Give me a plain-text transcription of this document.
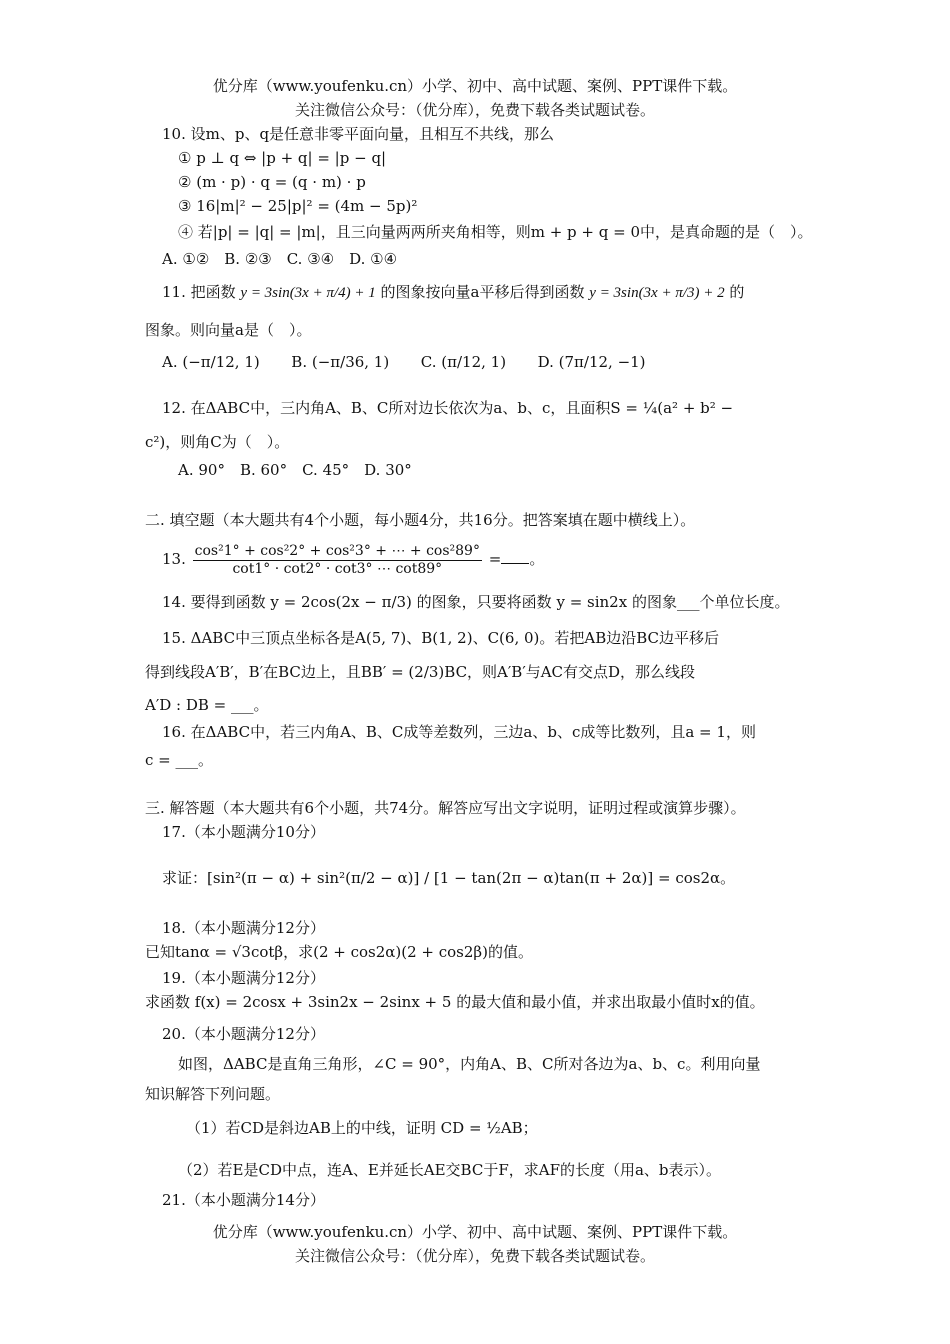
优分库（www.youfenku.cn）小学、初中、高中试题、案例、PPT课件下载。
关注微信公众号：（优分库），免费下载各类试题试卷。
10. 设m、p、q是任意非零平面向量，且相互不共线，那么
① p ⊥ q ⇔ |p + q| = |p − q|
② (m · p) · q = (q · m) · p
③ 16|m|² − 25|p|² = (4m − 5p)²
④ 若|p| = |q| = |m|，且三向量两两所夹角相等，则m + p + q = 0中，是真命题的是（　）。
A. ①②　B. ②③　C. ③④　D. ①④
11. 把函数 y = 3sin(3x + π/4) + 1 的图象按向量a平移后得到函数 y = 3sin(3x + π/3) + 2 的
图象。则向量a是（　）。
A. (−π/12, 1) B. (−π/36, 1) C. (π/12, 1) D. (7π/12, −1)
12. 在ΔABC中，三内角A、B、C所对边长依次为a、b、c，且面积S = ¼(a² + b² −
c²)，则角C为（　）。
A. 90°　B. 60°　C. 45°　D. 30°
二. 填空题（本大题共有4个小题，每小题4分，共16分。把答案填在题中横线上）。
13. $\frac{\text{cos²1° + cos²2° + cos²3° + ⋯ + cos²89°}}{\cot 1^\circ \cdot \cot 2^\circ \cdot \cot 3^\circ \cdots \cot 89^\circ}$ = 。
14. 要得到函数 y = 2cos(2x − π/3) 的图象，只要将函数 y = sin2x 的图象___个单位长度。
15. ΔABC中三顶点坐标各是A(5, 7)、B(1, 2)、C(6, 0)。若把AB边沿BC边平移后
得到线段A′B′，B′在BC边上，且BB′ = (2/3)BC，则A′B′与AC有交点D，那么线段
A′D : DB = ___。
16. 在ΔABC中，若三内角A、B、C成等差数列，三边a、b、c成等比数列，且a = 1，则
c = ___。
三. 解答题（本大题共有6个小题，共74分。解答应写出文字说明，证明过程或演算步骤）。
17.（本小题满分10分）
求证：[sin²(π − α) + sin²(π/2 − α)] / [1 − tan(2π − α)tan(π + 2α)] = cos2α。
18.（本小题满分12分）
已知tanα = √3cotβ，求(2 + cos2α)(2 + cos2β)的值。
19.（本小题满分12分）
求函数 f(x) = 2cosx + 3sin2x − 2sinx + 5 的最大值和最小值，并求出取最小值时x的值。
20.（本小题满分12分）
如图，ΔABC是直角三角形，∠C = 90°，内角A、B、C所对各边为a、b、c。利用向量
知识解答下列问题。
（1）若CD是斜边AB上的中线，证明 CD = ½AB；
（2）若E是CD中点，连A、E并延长AE交BC于F，求AF的长度（用a、b表示）。
21.（本小题满分14分）
优分库（www.youfenku.cn）小学、初中、高中试题、案例、PPT课件下载。
关注微信公众号：（优分库），免费下载各类试题试卷。
